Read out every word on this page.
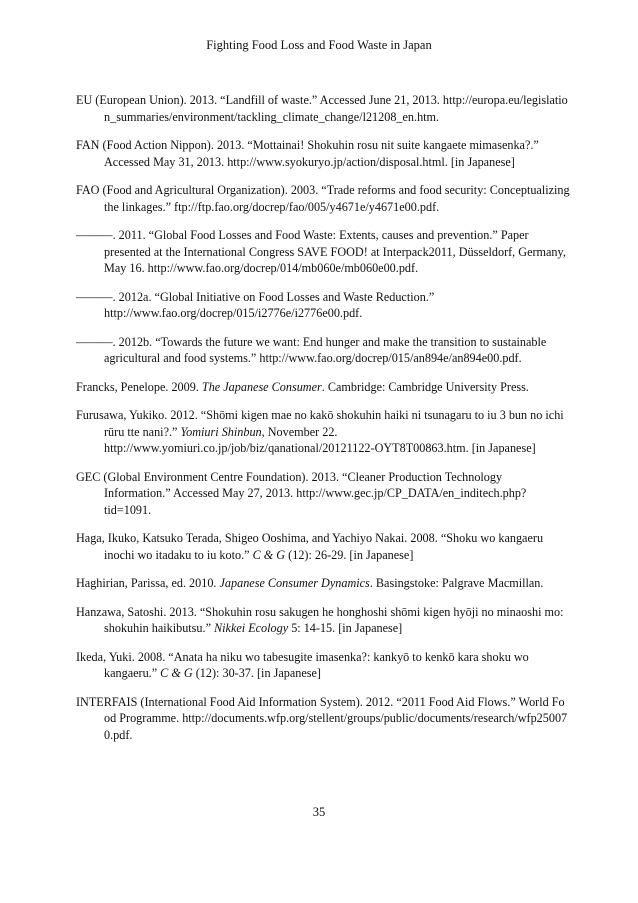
Fighting Food Loss and Food Waste in Japan

EU (European Union). 2013. “Landfill of waste.” Accessed June 21, 2013. http://europa.eu/legislation_summaries/environment/tackling_climate_change/l21208_en.htm.

FAN (Food Action Nippon). 2013. “Mottainai! Shokuhin rosu nit suite kangaete mimasenka?.” Accessed May 31, 2013. http://www.syokuryo.jp/action/disposal.html. [in Japanese]

FAO (Food and Agricultural Organization). 2003. “Trade reforms and food security: Conceptualizing the linkages.” ftp://ftp.fao.org/docrep/fao/005/y4671e/y4671e00.pdf.

———. 2011. “Global Food Losses and Food Waste: Extents, causes and prevention.” Paper presented at the International Congress SAVE FOOD! at Interpack2011, Düsseldorf, Germany, May 16. http://www.fao.org/docrep/014/mb060e/mb060e00.pdf.

———. 2012a. “Global Initiative on Food Losses and Waste Reduction.” http://www.fao.org/docrep/015/i2776e/i2776e00.pdf.

———. 2012b. “Towards the future we want: End hunger and make the transition to sustainable agricultural and food systems.” http://www.fao.org/docrep/015/an894e/an894e00.pdf.

Francks, Penelope. 2009. The Japanese Consumer. Cambridge: Cambridge University Press.

Furusawa, Yukiko. 2012. “Shōmi kigen mae no kakō shokuhin haiki ni tsunagaru to iu 3 bun no ichi rūru tte nani?.” Yomiuri Shinbun, November 22. http://www.yomiuri.co.jp/job/biz/qanational/20121122-OYT8T00863.htm. [in Japanese]

GEC (Global Environment Centre Foundation). 2013. “Cleaner Production Technology Information.” Accessed May 27, 2013. http://www.gec.jp/CP_DATA/en_inditech.php?tid=1091.

Haga, Ikuko, Katsuko Terada, Shigeo Ooshima, and Yachiyo Nakai. 2008. “Shoku wo kangaeru inochi wo itadaku to iu koto.” C & G (12): 26-29. [in Japanese]

Haghirian, Parissa, ed. 2010. Japanese Consumer Dynamics. Basingstoke: Palgrave Macmillan.

Hanzawa, Satoshi. 2013. “Shokuhin rosu sakugen he honghoshi shōmi kigen hyōji no minaoshi mo: shokuhin haikibutsu.” Nikkei Ecology 5: 14-15. [in Japanese]

Ikeda, Yuki. 2008. “Anata ha niku wo tabesugite imasenka?: kankyō to kenkō kara shoku wo kangaeru.” C & G (12): 30-37. [in Japanese]

INTERFAIS (International Food Aid Information System). 2012. “2011 Food Aid Flows.” World Food Programme. http://documents.wfp.org/stellent/groups/public/documents/research/wfp250070.pdf.

35
